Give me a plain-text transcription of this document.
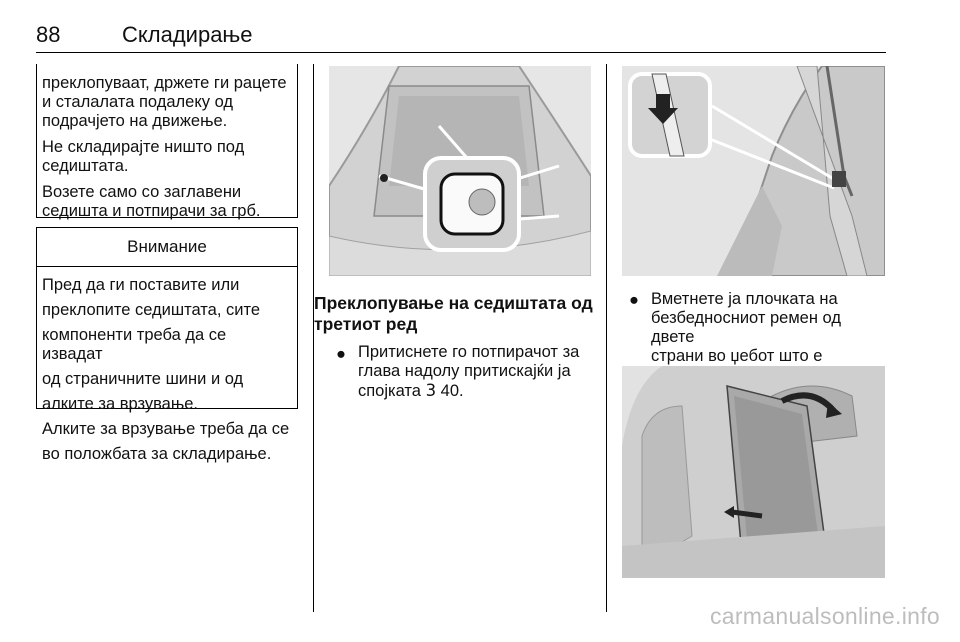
88	Складирање

преклопуваат, држете ги рацете

и сталалата подалеку од

подрачјето на движење.

Не складирајте ништо под

седиштата.

Возете само со заглавени

седишта и потпирачи за грб.

Внимание

Пред да ги поставите или

преклопите седиштата, сите

компоненти треба да се извадат

од страничните шини и од

алките за врзување.

Алките за врзување треба да се

во положбата за складирање.

Преклопување на седиштата од
третиот ред
● Притиснете го потпирачот за
глава надолу притискајќи ја
спојката 3 40.
● Вметнете ја плочката на
безбедносниот ремен од двете
страни во џебот што е
carmanualsonline.info
